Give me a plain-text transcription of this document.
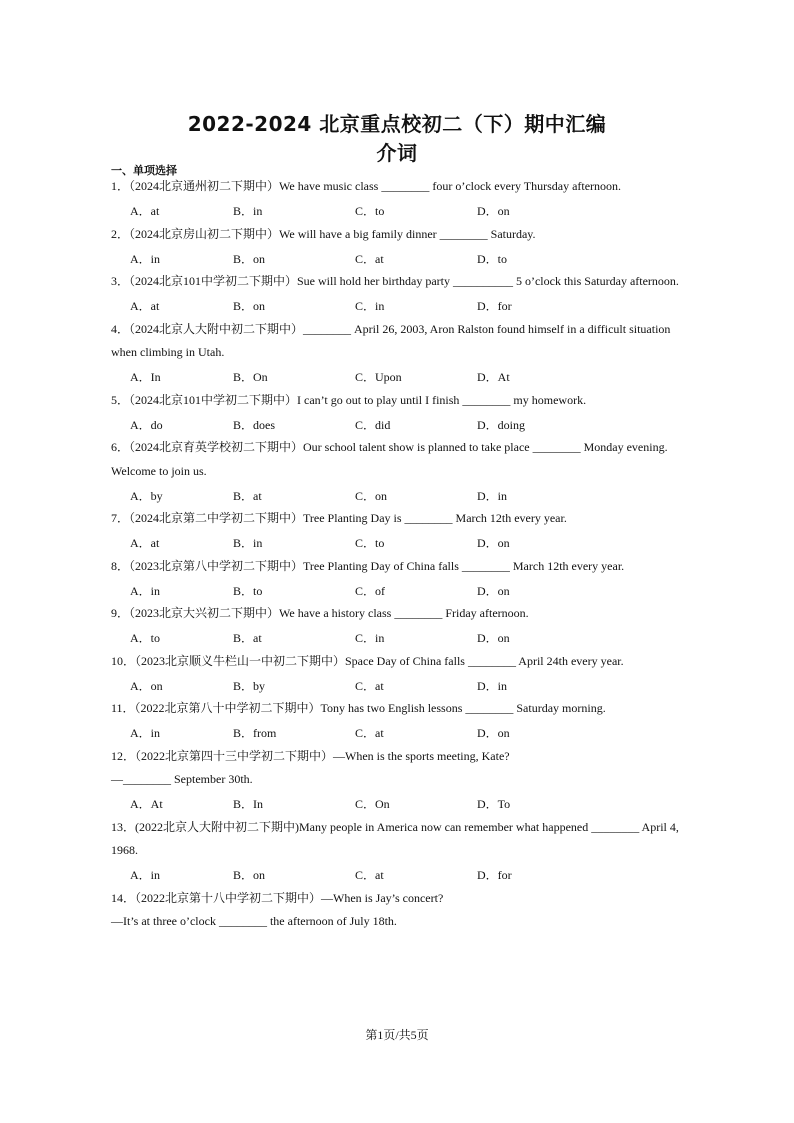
2022-2024 北京重点校初二（下）期中汇编
介词
一、单项选择
1．（2024北京通州初二下期中）We have music class ________ four o’clock every Thursday afternoon.
A．at	B．in	C．to	D．on
2．（2024北京房山初二下期中）We will have a big family dinner ________ Saturday.
A．in	B．on	C．at	D．to
3．（2024北京101中学初二下期中）Sue will hold her birthday party __________ 5 o’clock this Saturday afternoon.
A．at	B．on	C．in	D．for
4．（2024北京人大附中初二下期中）________ April 26, 2003, Aron Ralston found himself in a difficult situation when climbing in Utah.
A．In	B．On	C．Upon	D．At
5．（2024北京101中学初二下期中）I can’t go out to play until I finish ________ my homework.
A．do	B．does	C．did	D．doing
6．（2024北京育英学校初二下期中）Our school talent show is planned to take place ________ Monday evening. Welcome to join us.
A．by	B．at	C．on	D．in
7．（2024北京第二中学初二下期中）Tree Planting Day is ________ March 12th every year.
A．at	B．in	C．to	D．on
8．（2023北京第八中学初二下期中）Tree Planting Day of China falls ________ March 12th every year.
A．in	B．to	C．of	D．on
9．（2023北京大兴初二下期中）We have a history class ________ Friday afternoon.
A．to	B．at	C．in	D．on
10．（2023北京顺义牛栏山一中初二下期中）Space Day of China falls ________ April 24th every year.
A．on	B．by	C．at	D．in
11．（2022北京第八十中学初二下期中）Tony has two English lessons ________ Saturday morning.
A．in	B．from	C．at	D．on
12．（2022北京第四十三中学初二下期中）—When is the sports meeting, Kate?
—________ September 30th.
A．At	B．In	C．On	D．To
13．(2022北京人大附中初二下期中)Many people in America now can remember what happened ________ April 4, 1968.
A．in	B．on	C．at	D．for
14．（2022北京第十八中学初二下期中）—When is Jay’s concert?
—It’s at three o’clock ________ the afternoon of July 18th.
第1页/共5页
